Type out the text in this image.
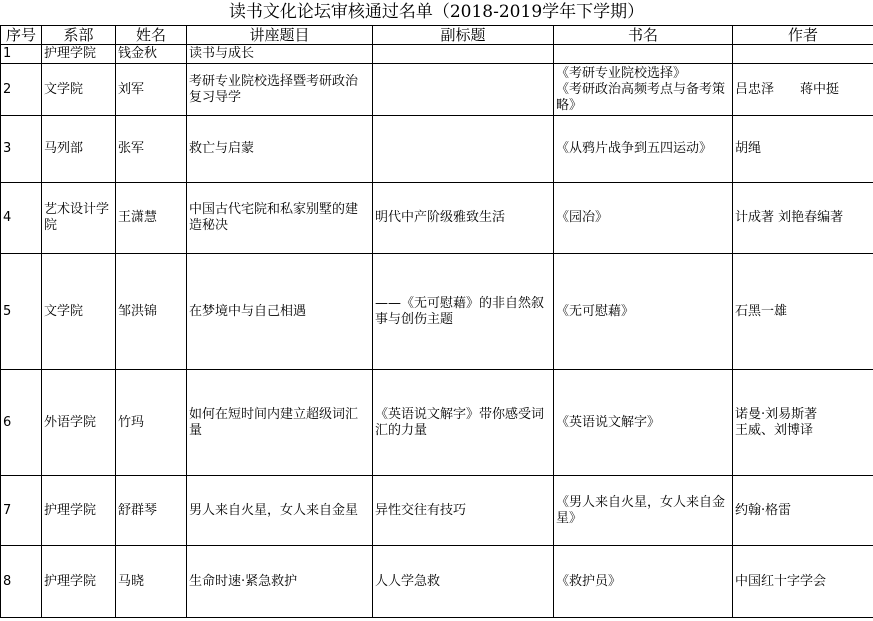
读书文化论坛审核通过名单（2018-2019学年下学期）
序号	系部	姓名	讲座题目	副标题	书名	作者
1	护理学院	钱金秋	读书与成长		

2	文学院	刘军	考研专业院校选择暨考研政治复习导学		《考研专业院校选择》
《考研政治高频考点与备考策略》	吕忠泽　　蒋中挺

3	马列部	张军	救亡与启蒙		《从鸦片战争到五四运动》	胡绳

4	艺术设计学院	王潇慧	中国古代宅院和私家别墅的建造秘决	明代中产阶级雅致生活	《园冶》	计成著 刘艳春编著

5	文学院	邹洪锦	在梦境中与自己相遇	——《无可慰藉》的非自然叙事与创伤主题	《无可慰藉》	石黑一雄

6	外语学院	竹玛	如何在短时间内建立超级词汇量	《英语说文解字》带你感受词汇的力量	《英语说文解字》	诺曼·刘易斯著
王威、刘博译

7	护理学院	舒群琴	男人来自火星，女人来自金星	异性交往有技巧	《男人来自火星，女人来自金星》	约翰·格雷

8	护理学院	马晓	生命时速·紧急救护	人人学急救	《救护员》	中国红十字学会
